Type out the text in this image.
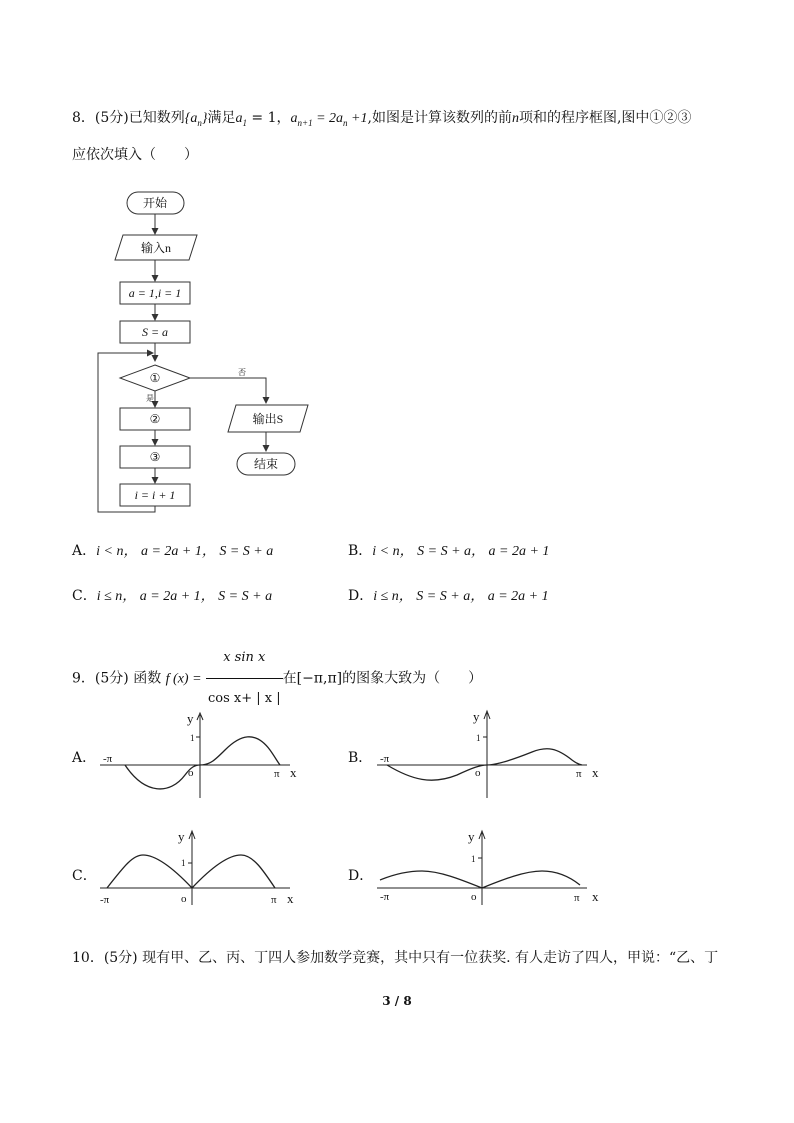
8．(5分)已知数列$\{a_n\}$满足$a_1 = 1$，$a_{n+1} = 2a_n +1$,如图是计算该数列的前n项和的程序框图,图中①②③
应依次填入（　　）
开始
输入n
a = 1,i = 1
S = a
①	否
是
②
③
i = i + 1
输出S
结束
A．i < n， a = 2a + 1， S = S + a	B．i < n， S = S + a， a = 2a + 1
C．i ≤ n， a = 2a + 1， S = S + a	D．i ≤ n， S = S + a， a = 2a + 1
9．(5分) 函数 f $(x) = \frac{\text{x sin x}}{\text{cos x+ | x |}}$ 在[−π,π]的图象大致为（　　）
A．	B．
C．	D．
-π
π x
y
1
o
-π
π x
y
1
o
-π	π x
y
1
o	-π	π x
y
1
o
10．(5分) 现有甲、乙、丙、丁四人参加数学竞赛，其中只有一位获奖. 有人走访了四人，甲说：“乙、丁
3 / 8
